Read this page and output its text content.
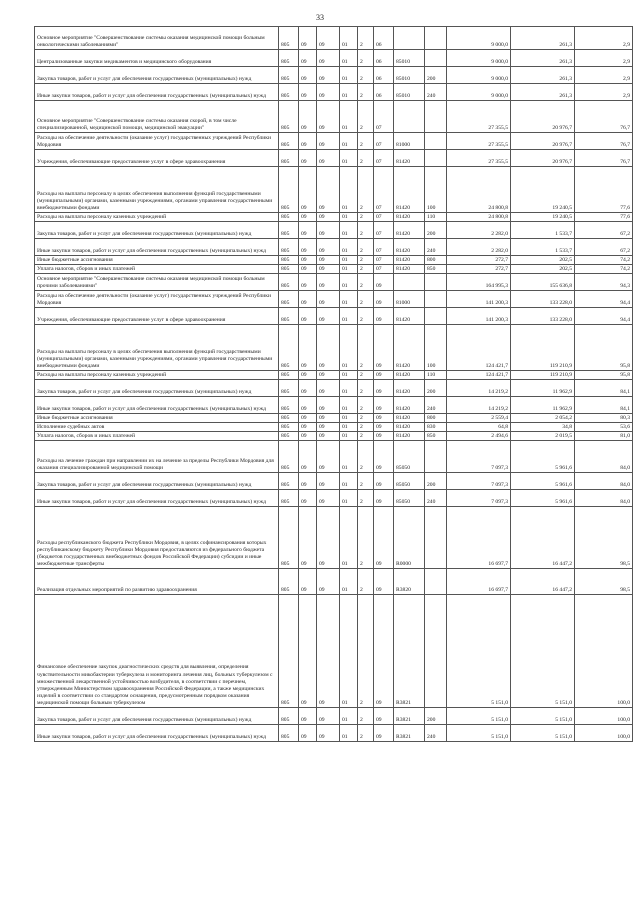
33
Основное мероприятие "Совершенствование системы оказания медицинской помощи больным онкологическими заболеваниями"	805	09	09	01	2	06			9 000,0	261,3	2,9
Централизованные закупки медикаментов и медицинского оборудования	805	09	09	01	2	06	85010		9 000,0	261,3	2,9
Закупка товаров, работ и услуг для обеспечения государственных (муниципальных) нужд	805	09	09	01	2	06	85010	200	9 000,0	261,3	2,9
Иные закупки товаров, работ и услуг для обеспечения государственных (муниципальных) нужд	805	09	09	01	2	06	85010	240	9 000,0	261,3	2,9
Основное мероприятие "Совершенствование системы оказания скорой, в том числе специализированной, медицинской помощи, медицинской эвакуации"	805	09	09	01	2	07			27 355,5	20 976,7	76,7
Расходы на обеспечение деятельности (оказание услуг) государственных учреждений Республики Мордовия	805	09	09	01	2	07	81000		27 355,5	20 976,7	76,7
Учреждения, обеспечивающие предоставление услуг в сфере здравоохранения	805	09	09	01	2	07	81420		27 355,5	20 976,7	76,7
Расходы на выплаты персоналу в целях обеспечения выполнения функций государственными (муниципальными) органами, казенными учреждениями, органами управления государственными внебюджетными фондами	805	09	09	01	2	07	81420	100	24 800,8	19 240,5	77,6
Расходы на выплаты персоналу казенных учреждений	805	09	09	01	2	07	81420	110	24 800,8	19 240,5	77,6
Закупка товаров, работ и услуг для обеспечения государственных (муниципальных) нужд	805	09	09	01	2	07	81420	200	2 282,0	1 533,7	67,2
Иные закупки товаров, работ и услуг для обеспечения государственных (муниципальных) нужд	805	09	09	01	2	07	81420	240	2 282,0	1 533,7	67,2
Иные бюджетные ассигнования	805	09	09	01	2	07	81420	800	272,7	202,5	74,2
Уплата налогов, сборов и иных платежей	805	09	09	01	2	07	81420	850	272,7	202,5	74,2
Основное мероприятие "Совершенствование системы оказания медицинской помощи больным прочими заболеваниями"	805	09	09	01	2	09			164 995,3	155 636,8	94,3
Расходы на обеспечение деятельности (оказание услуг) государственных учреждений Республики Мордовия	805	09	09	01	2	09	81000		141 200,3	133 228,0	94,4
Учреждения, обеспечивающие предоставление услуг в сфере здравоохранения	805	09	09	01	2	09	81420		141 200,3	133 228,0	94,4
Расходы на выплаты персоналу в целях обеспечения выполнения функций государственными (муниципальными) органами, казенными учреждениями, органами управления государственными внебюджетными фондами	805	09	09	01	2	09	81420	100	124 421,7	119 210,9	95,8
Расходы на выплаты персоналу казенных учреждений	805	09	09	01	2	09	81420	110	124 421,7	119 210,9	95,8
Закупка товаров, работ и услуг для обеспечения государственных (муниципальных) нужд	805	09	09	01	2	09	81420	200	14 219,2	11 962,9	84,1
Иные закупки товаров, работ и услуг для обеспечения государственных (муниципальных) нужд	805	09	09	01	2	09	81420	240	14 219,2	11 962,9	84,1
Иные бюджетные ассигнования	805	09	09	01	2	09	81420	800	2 559,4	2 054,2	80,3
Исполнение судебных актов	805	09	09	01	2	09	81420	830	64,8	34,8	53,6
Уплата налогов, сборов и иных платежей	805	09	09	01	2	09	81420	850	2 494,6	2 019,5	81,0
Расходы на лечение граждан при направлении их на лечение за пределы Республики Мордовия для оказания специализированной медицинской помощи	805	09	09	01	2	09	85050		7 097,3	5 961,6	84,0
Закупка товаров, работ и услуг для обеспечения государственных (муниципальных) нужд	805	09	09	01	2	09	85050	200	7 097,3	5 961,6	84,0
Иные закупки товаров, работ и услуг для обеспечения государственных (муниципальных) нужд	805	09	09	01	2	09	85050	240	7 097,3	5 961,6	84,0
Расходы республиканского бюджета Республики Мордовия, в целях софинансирования которых республиканскому бюджету Республики Мордовия предоставляются из федерального бюджета (бюджетов государственных внебюджетных фондов Российской Федерации) субсидии и иные межбюджетные трансферты	805	09	09	01	2	09	R0000		16 697,7	16 447,2	98,5
Реализация отдельных мероприятий по развитию здравоохранения	805	09	09	01	2	09	R3820		16 697,7	16 447,2	98,5
Финансовое обеспечение закупок диагностических средств для выявления, определения чувствительности микобактерии туберкулеза и мониторинга лечения лиц, больных туберкулезом с множественной лекарственной устойчивостью возбудителя, в соответствии с перечнем, утвержденным Министерством здравоохранения Российской Федерации, а также медицинских изделий в соответствии со стандартом оснащения, предусмотренным порядком оказания медицинской помощи больным туберкулезом	805	09	09	01	2	09	R3821		5 151,0	5 151,0	100,0
Закупка товаров, работ и услуг для обеспечения государственных (муниципальных) нужд	805	09	09	01	2	09	R3821	200	5 151,0	5 151,0	100,0
Иные закупки товаров, работ и услуг для обеспечения государственных (муниципальных) нужд	805	09	09	01	2	09	R3821	240	5 151,0	5 151,0	100,0
